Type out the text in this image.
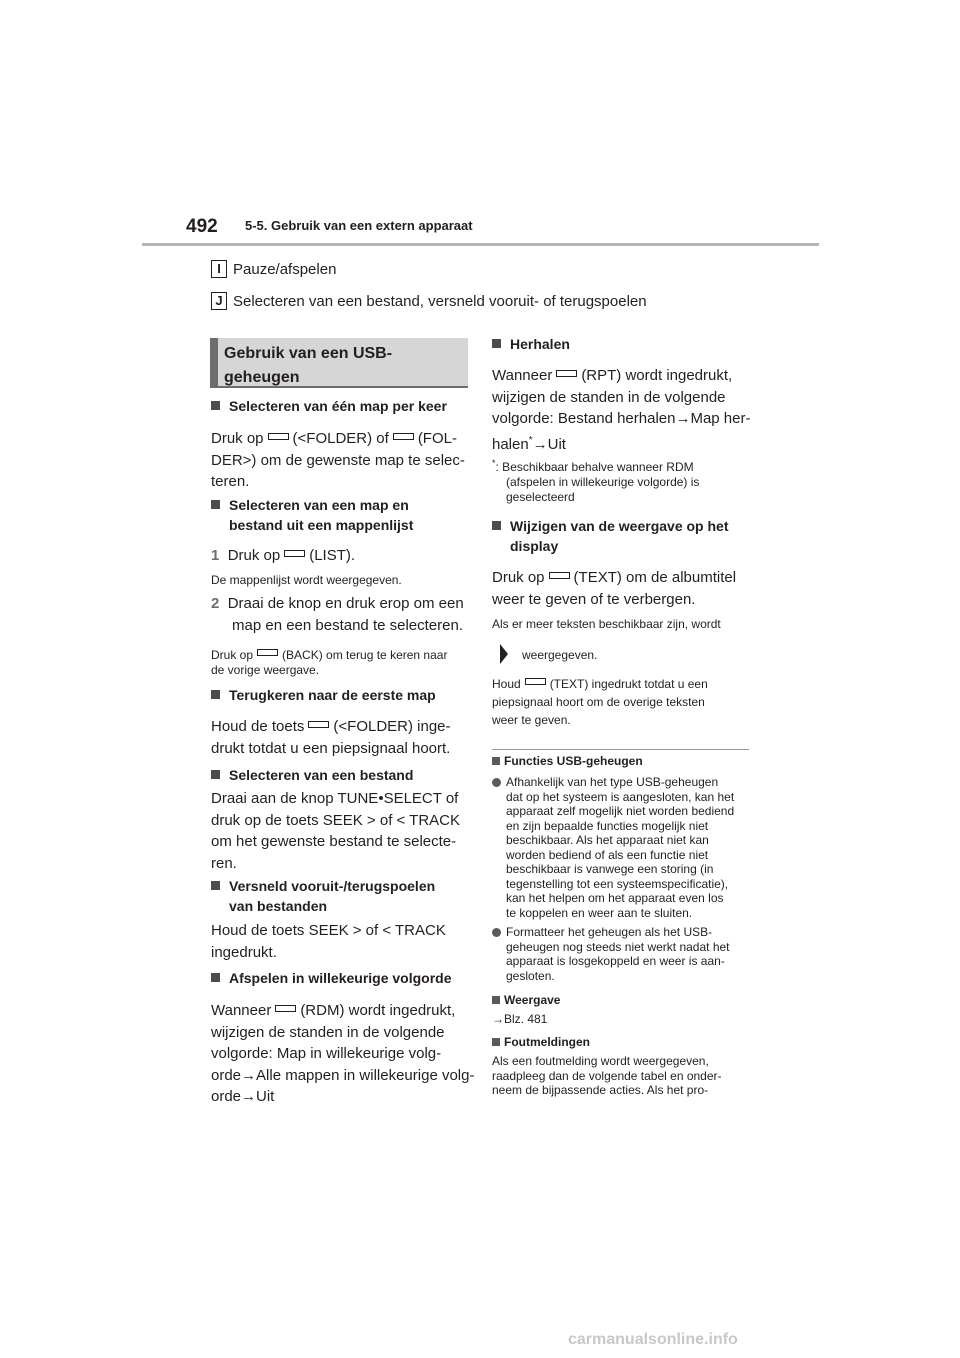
492 5-5. Gebruik van een extern apparaat
I Pauze/afspelen
J Selecteren van een bestand, versneld vooruit- of terugspoelen
Gebruik van een USB-
geheugen
Selecteren van één map per keer
Druk op (<FOLDER) of (FOL-
DER>) om de gewenste map te selec-
teren.
Selecteren van een map en
bestand uit een mappenlijst
1 Druk op (LIST).
De mappenlijst wordt weergegeven.
2 Draai de knop en druk erop om een
map en een bestand te selecteren.
Druk op (BACK) om terug te keren naar
de vorige weergave.
Terugkeren naar de eerste map
Houd de toets (<FOLDER) inge-
drukt totdat u een piepsignaal hoort.
Selecteren van een bestand
Draai aan de knop TUNE•SELECT of
druk op de toets SEEK > of < TRACK
om het gewenste bestand te selecte-
ren.
Versneld vooruit-/terugspoelen
van bestanden
Houd de toets SEEK > of < TRACK
ingedrukt.
Afspelen in willekeurige volgorde
Wanneer (RDM) wordt ingedrukt,
wijzigen de standen in de volgende
volgorde: Map in willekeurige volg-
orde→Alle mappen in willekeurige volg-
orde→Uit
Herhalen
Wanneer (RPT) wordt ingedrukt,
wijzigen de standen in de volgende
volgorde: Bestand herhalen→Map her-
halen*→Uit
*: Beschikbaar behalve wanneer RDM
(afspelen in willekeurige volgorde) is
geselecteerd
Wijzigen van de weergave op het
display
Druk op (TEXT) om de albumtitel
weer te geven of te verbergen.
Als er meer teksten beschikbaar zijn, wordt
weergegeven.
Houd (TEXT) ingedrukt totdat u een
piepsignaal hoort om de overige teksten
weer te geven.
Functies USB-geheugen
Afhankelijk van het type USB-geheugen
dat op het systeem is aangesloten, kan het
apparaat zelf mogelijk niet worden bediend
en zijn bepaalde functies mogelijk niet
beschikbaar. Als het apparaat niet kan
worden bediend of als een functie niet
beschikbaar is vanwege een storing (in
tegenstelling tot een systeemspecificatie),
kan het helpen om het apparaat even los
te koppelen en weer aan te sluiten.
Formatteer het geheugen als het USB-
geheugen nog steeds niet werkt nadat het
apparaat is losgekoppeld en weer is aan-
gesloten.
Weergave
→Blz. 481
Foutmeldingen
Als een foutmelding wordt weergegeven,
raadpleeg dan de volgende tabel en onder-
neem de bijpassende acties. Als het pro-
carmanualsonline.info
